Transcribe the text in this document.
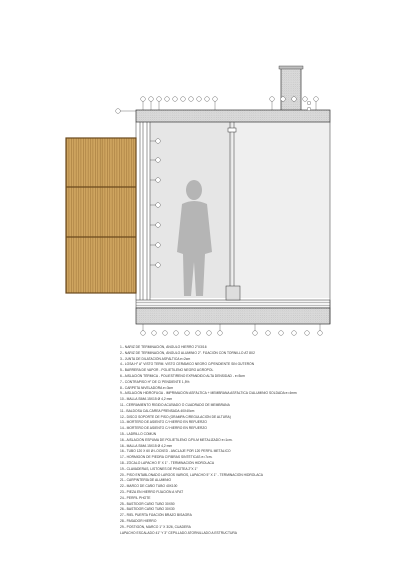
1.- NARIZ DE TERMINACIÓN, ÁNGULO HIERRO 2"X3/16
2.- NARIZ DE TERMINACIÓN, ÁNGULO ALUMINIO 2". FIJACIÓN CON TORNILLO AT 8X2
3.- JUNTA DE DILATACIÓN ASFÁLTICA e=2cm
4.- LOSA H° A° VISTO TERM. VISTO CERÁMICO NEGRO C/PENDIENTE SIN GUTERÓN
5.- BARRERA DE VAPOR - POLIETILENO NEGRO AGROPOL
6.- AISLACIÓN TÉRMICA - POLIESTIRENO EXPANDIDO ALTA DENSIDAD - e=5cm
7.- CONTRAPISO H° DE C/ PENDIENTE 1,5%
8.- CARPETA NIVELADORA e=3cm
9.- AISLACIÓN HIDRÓFUGA - IMPRIMACIÓN ASFÁLTICA + MEMBRANA ASFÁLTICA C/ALUMINIO SOLDADA e=4mm
10.- MALLA SIMA 15X15 Ø 4,2 mm
11.- CERRAMIENTO RÍGIDO ACUÑADO Ó CUADRADO DE MEMBRANA
11.- BALDOSA CALCÁREA PRENSADA 40X40cm
12.- DISCO SOPORTE DE PISO (GRAMPA C/REGULACIÓN DE ALTURA)
13.- MORTERO DE ASIENTO C/ HIERRO EN REFUERZO
14.- MORTERO DE ASIENTO C/ HIERRO EN REFUERZO
15.- LADRILLO COMÚN
16.- AISLACIÓN ESPUMA DE POLIETILENO C/FILM METALIZADO e=1cm.
16.- MALLA SIMA 15X15 Ø 4,2 mm
16.- TUBO 120 X 60 Ø LOCKED - ANCLAJE POR 120 PERFIL METÁLICO
17.- HORMIGÓN DE PIEDRA C/FIBRAS SINTÉTICAS e=7cm.
18.- ZÓCALO LAPACHO 5" X 1" - TERMINACIÓN HIDROLACA
19.- CLAVADERAS, LISTONES DE PINOTEA 2"X 1"
20.- PISO ENTABLONADO LARGOS VARIOS, LAPACHO 5" X 1" - TERMINACIÓN HIDROLACA
21.- CARPINTERÍA DE ALUMINIO
22.- MARCO DE CAÑO TUBO 40X100
23.- PIEZA EN HIERRO FIJACIÓN A VFAT
24.- PERFIL PHOTE
25.- BASTIDOR CAÑO TUBO 30X50
26.- BASTIDOR CAÑO TUBO 30X30
27.- RIEL PUERTA FIJACIÓN BRAZO BISAGRA
28.- PASADOR HIERRO
29.- POSTIGÓN, MARCO 1" X 3/26, CUADERA
LAPACHO ESCALADO 41" Y 3" CEPILLADO ATORNILLADO A ESTRUCTURA
